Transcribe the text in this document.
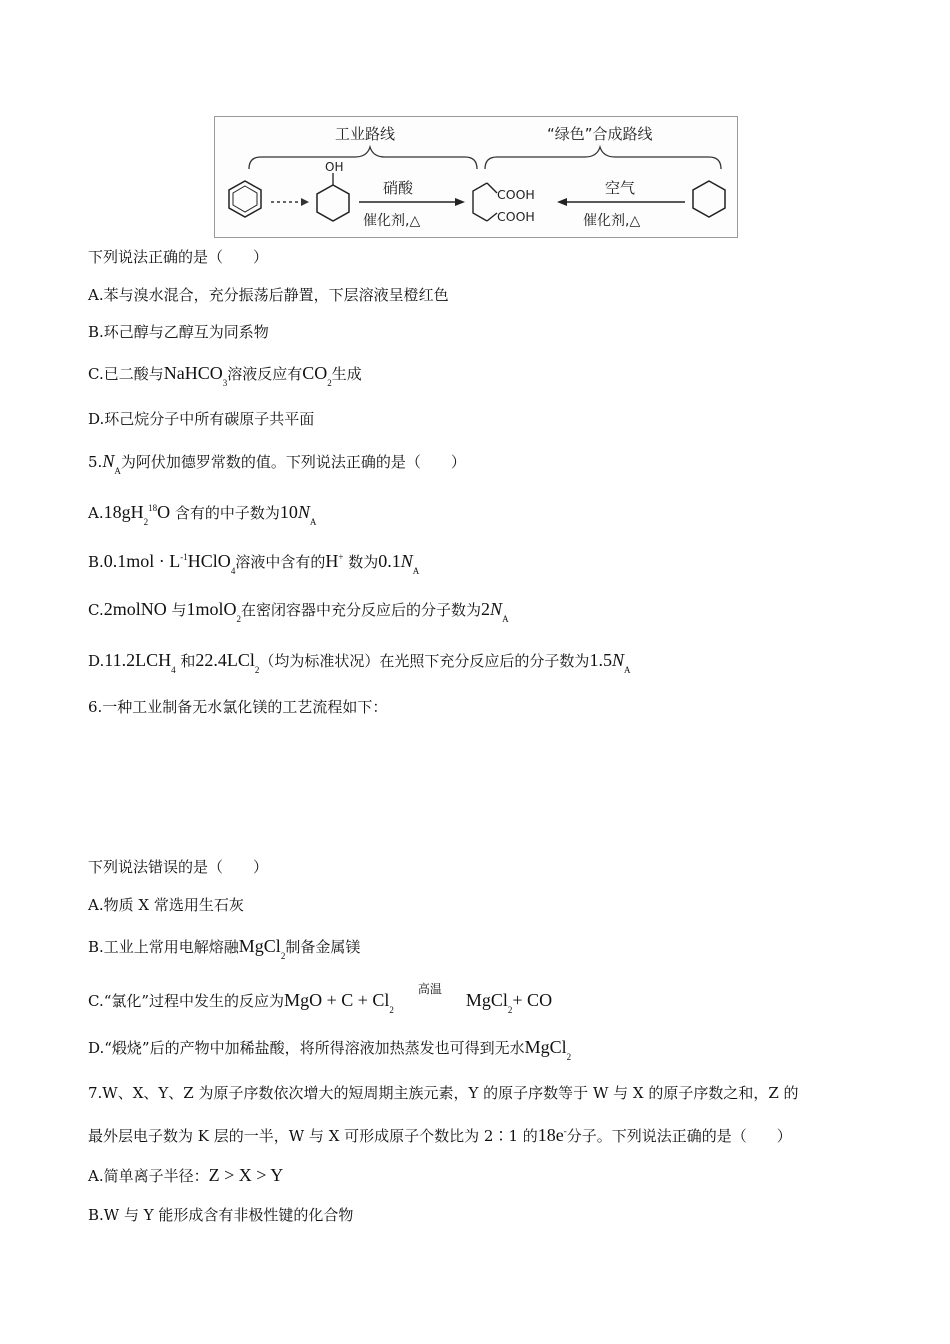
工业路线	“绿色”合成路线
OH
硝酸
催化剂,△
COOH
COOH
空气
催化剂,△
下列说法正确的是（　　）
A.苯与溴水混合，充分振荡后静置，下层溶液呈橙红色
B.环己醇与乙醇互为同系物
C.已二酸与NaHCO$_3$溶液反应有$CO_2$生成
D.环己烷分子中所有碳原子共平面
$5.N_A$为阿伏加德罗常数的值。下列说法正确的是（　　）
$A.18gH_2^{18}O$ 含有的中子数为$10N_A$
$B.0.1mol \cdot L^{-1}HClO_4$溶液中含有的H+ 数为$0.1N_A$
C.2molNO 与1molO$_2$在密闭容器中充分反应后的分子数为$2N_A$
$D.11.2LCH_4$ 和22.4LCl$_2$（均为标准状况）在光照下充分反应后的分子数为$1.5N_A$
6.一种工业制备无水氯化镁的工艺流程如下：
下列说法错误的是（　　）
A.物质 X 常选用生石灰
B.工业上常用电解熔融MgCl$_2$制备金属镁
C.“氯化”过程中发生的反应为MgO + $C + Cl_2$
高温
MgCl$_2$+ CO
D.“煅烧”后的产物中加稀盐酸，将所得溶液加热蒸发也可得到无水MgCl$_2$
7.W、X、Y、Z 为原子序数依次增大的短周期主族元素，Y 的原子序数等于 W 与 X 的原子序数之和，Z 的
最外层电子数为 K 层的一半，W 与 X 可形成原子个数比为 2∶1 的18e-分子。下列说法正确的是（　　）
A.简单离子半径：Z > X > Y
B.W 与 Y 能形成含有非极性键的化合物
